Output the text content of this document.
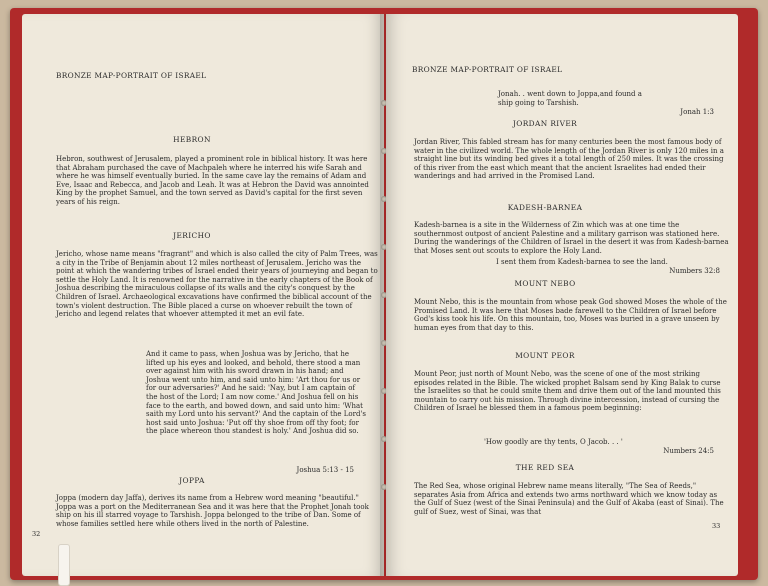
BRONZE MAP-PORTRAIT OF ISRAEL
HEBRON

Hebron, southwest of Jerusalem, played a prominent role in biblical history. It was here that Abraham purchased the cave of Machpaleh where he interred his wife Sarah and where he was himself eventually buried. In the same cave lay the remains of Adam and Eve, Isaac and Rebecca, and Jacob and Leah. It was at Hebron the David was annointed King by the prophet Samuel, and the town served as David's capital for the first seven years of his reign.

JERICHO

Jericho, whose name means "fragrant" and which is also called the city of Palm Trees, was a city in the Tribe of Benjamin about 12 miles northeast of Jerusalem. Jericho was the point at which the wandering tribes of Israel ended their years of journeying and began to settle the Holy Land. It is renowned for the narrative in the early chapters of the Book of Joshua describing the miraculous collapse of its walls and the city's conquest by the Children of Israel. Archaeological excavations have confirmed the biblical account of the town's violent destruction. The Bible placed a curse on whoever rebuilt the town of Jericho and legend relates that whoever attempted it met an evil fate.

And it came to pass, when Joshua was by Jericho, that he lifted up his eyes and looked, and behold, there stood a man over against him with his sword drawn in his hand; and Joshua went unto him, and said unto him: 'Art thou for us or for our adversaries?' And he said: 'Nay, but I am captain of the host of the Lord; I am now come.' And Joshua fell on his face to the earth, and bowed down, and said unto him: 'What saith my Lord unto his servant?' And the captain of the Lord's host said unto Joshua: 'Put off thy shoe from off thy foot; for the place whereon thou standest is holy.' And Joshua did so.

Joshua 5:13 - 15
JOPPA

Joppa (modern day Jaffa), derives its name from a Hebrew word meaning "beautiful." Joppa was a port on the Mediterranean Sea and it was here that the Prophet Jonah took ship on his ill starred voyage to Tarshish. Joppa belonged to the tribe of Dan. Some of whose families settled here while others lived in the north of Palestine.

32
BRONZE MAP-PORTRAIT OF ISRAEL

Jonah. . went down to Joppa,and found a ship going to Tarshish.

Jonah 1:3
JORDAN RIVER

Jordan River, This fabled stream has for many centuries been the most famous body of water in the civilized world. The whole length of the Jordan River is only 120 miles in a straight line but its winding bed gives it a total length of 250 miles. It was the crossing of this river from the east which meant that the ancient Israelites had ended their wanderings and had arrived in the Promised Land.

KADESH-BARNEA

Kadesh-barnea is a site in the Wilderness of Zin which was at one time the southernmost outpost of ancient Palestine and a military garrison was stationed here. During the wanderings of the Children of Israel in the desert it was from Kadesh-barnea that Moses sent out scouts to explore the Holy Land.

I sent them from Kadesh-barnea to see the land.

Numbers 32:8
MOUNT NEBO

Mount Nebo, this is the mountain from whose peak God showed Moses the whole of the Promised Land. It was here that Moses bade farewell to the Children of Israel before God's kiss took his life. On this mountain, too, Moses was buried in a grave unseen by human eyes from that day to this.

MOUNT PEOR

Mount Peor, just north of Mount Nebo, was the scene of one of the most striking episodes related in the Bible. The wicked prophet Balsam send by King Balak to curse the Israelites so that he could smite them and drive them out of the land mounted this mountain to carry out his mission. Through divine intercession, instead of cursing the Children of Israel he blessed them in a famous poem beginning:

'How goodly are thy tents, O Jacob. . . '

Numbers 24:5
THE RED SEA

The Red Sea, whose original Hebrew name means literally, "The Sea of Reeds," separates Asia from Africa and extends two arms northward which we know today as the Gulf of Suez (west of the Sinai Peninsula) and the Gulf of Akaba (east of Sinai). The gulf of Suez, west of Sinai, was that

33
